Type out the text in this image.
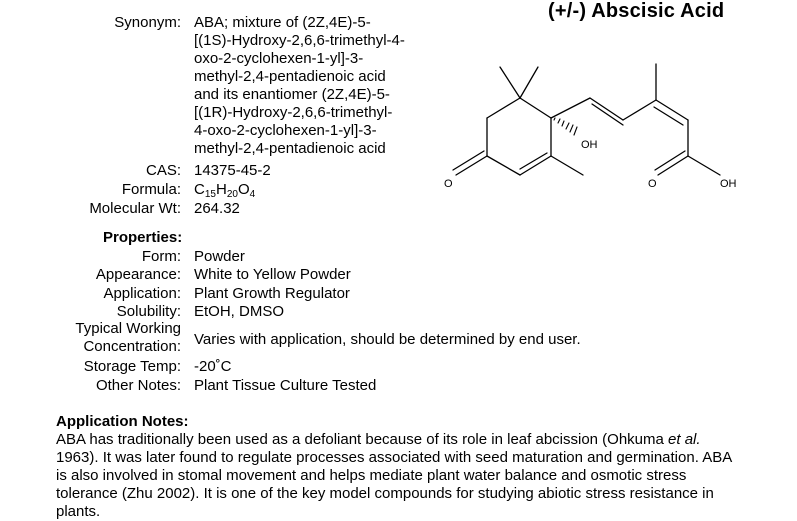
(+/-) Abscisic Acid
Synonym: ABA; mixture of (2Z,4E)-5-
[(1S)-Hydroxy-2,6,6-trimethyl-4-
oxo-2-cyclohexen-1-yl]-3-
methyl-2,4-pentadienoic acid
and its enantiomer (2Z,4E)-5-
[(1R)-Hydroxy-2,6,6-trimethyl-
4-oxo-2-cyclohexen-1-yl]-3-
methyl-2,4-pentadienoic acid
CAS: 14375-45-2
Formula: $C_{15}H_{20}O_4$
Molecular Wt: 264.32
OH
OH
O	O
Properties:
Form: Powder
Appearance: White to Yellow Powder
Application: Plant Growth Regulator
Solubility: EtOH, DMSO
Typical Working
Concentration: Varies with application, should be determined by end user.
Storage Temp: -20˚C
Other Notes: Plant Tissue Culture Tested
Application Notes:
ABA has traditionally been used as a defoliant because of its role in leaf abcission (Ohkuma et al. 1963). It was later found to regulate processes associated with seed maturation and germination. ABA is also involved in stomal movement and helps mediate plant water balance and osmotic stress tolerance (Zhu 2002). It is one of the key model compounds for studying abiotic stress resistance in plants.
